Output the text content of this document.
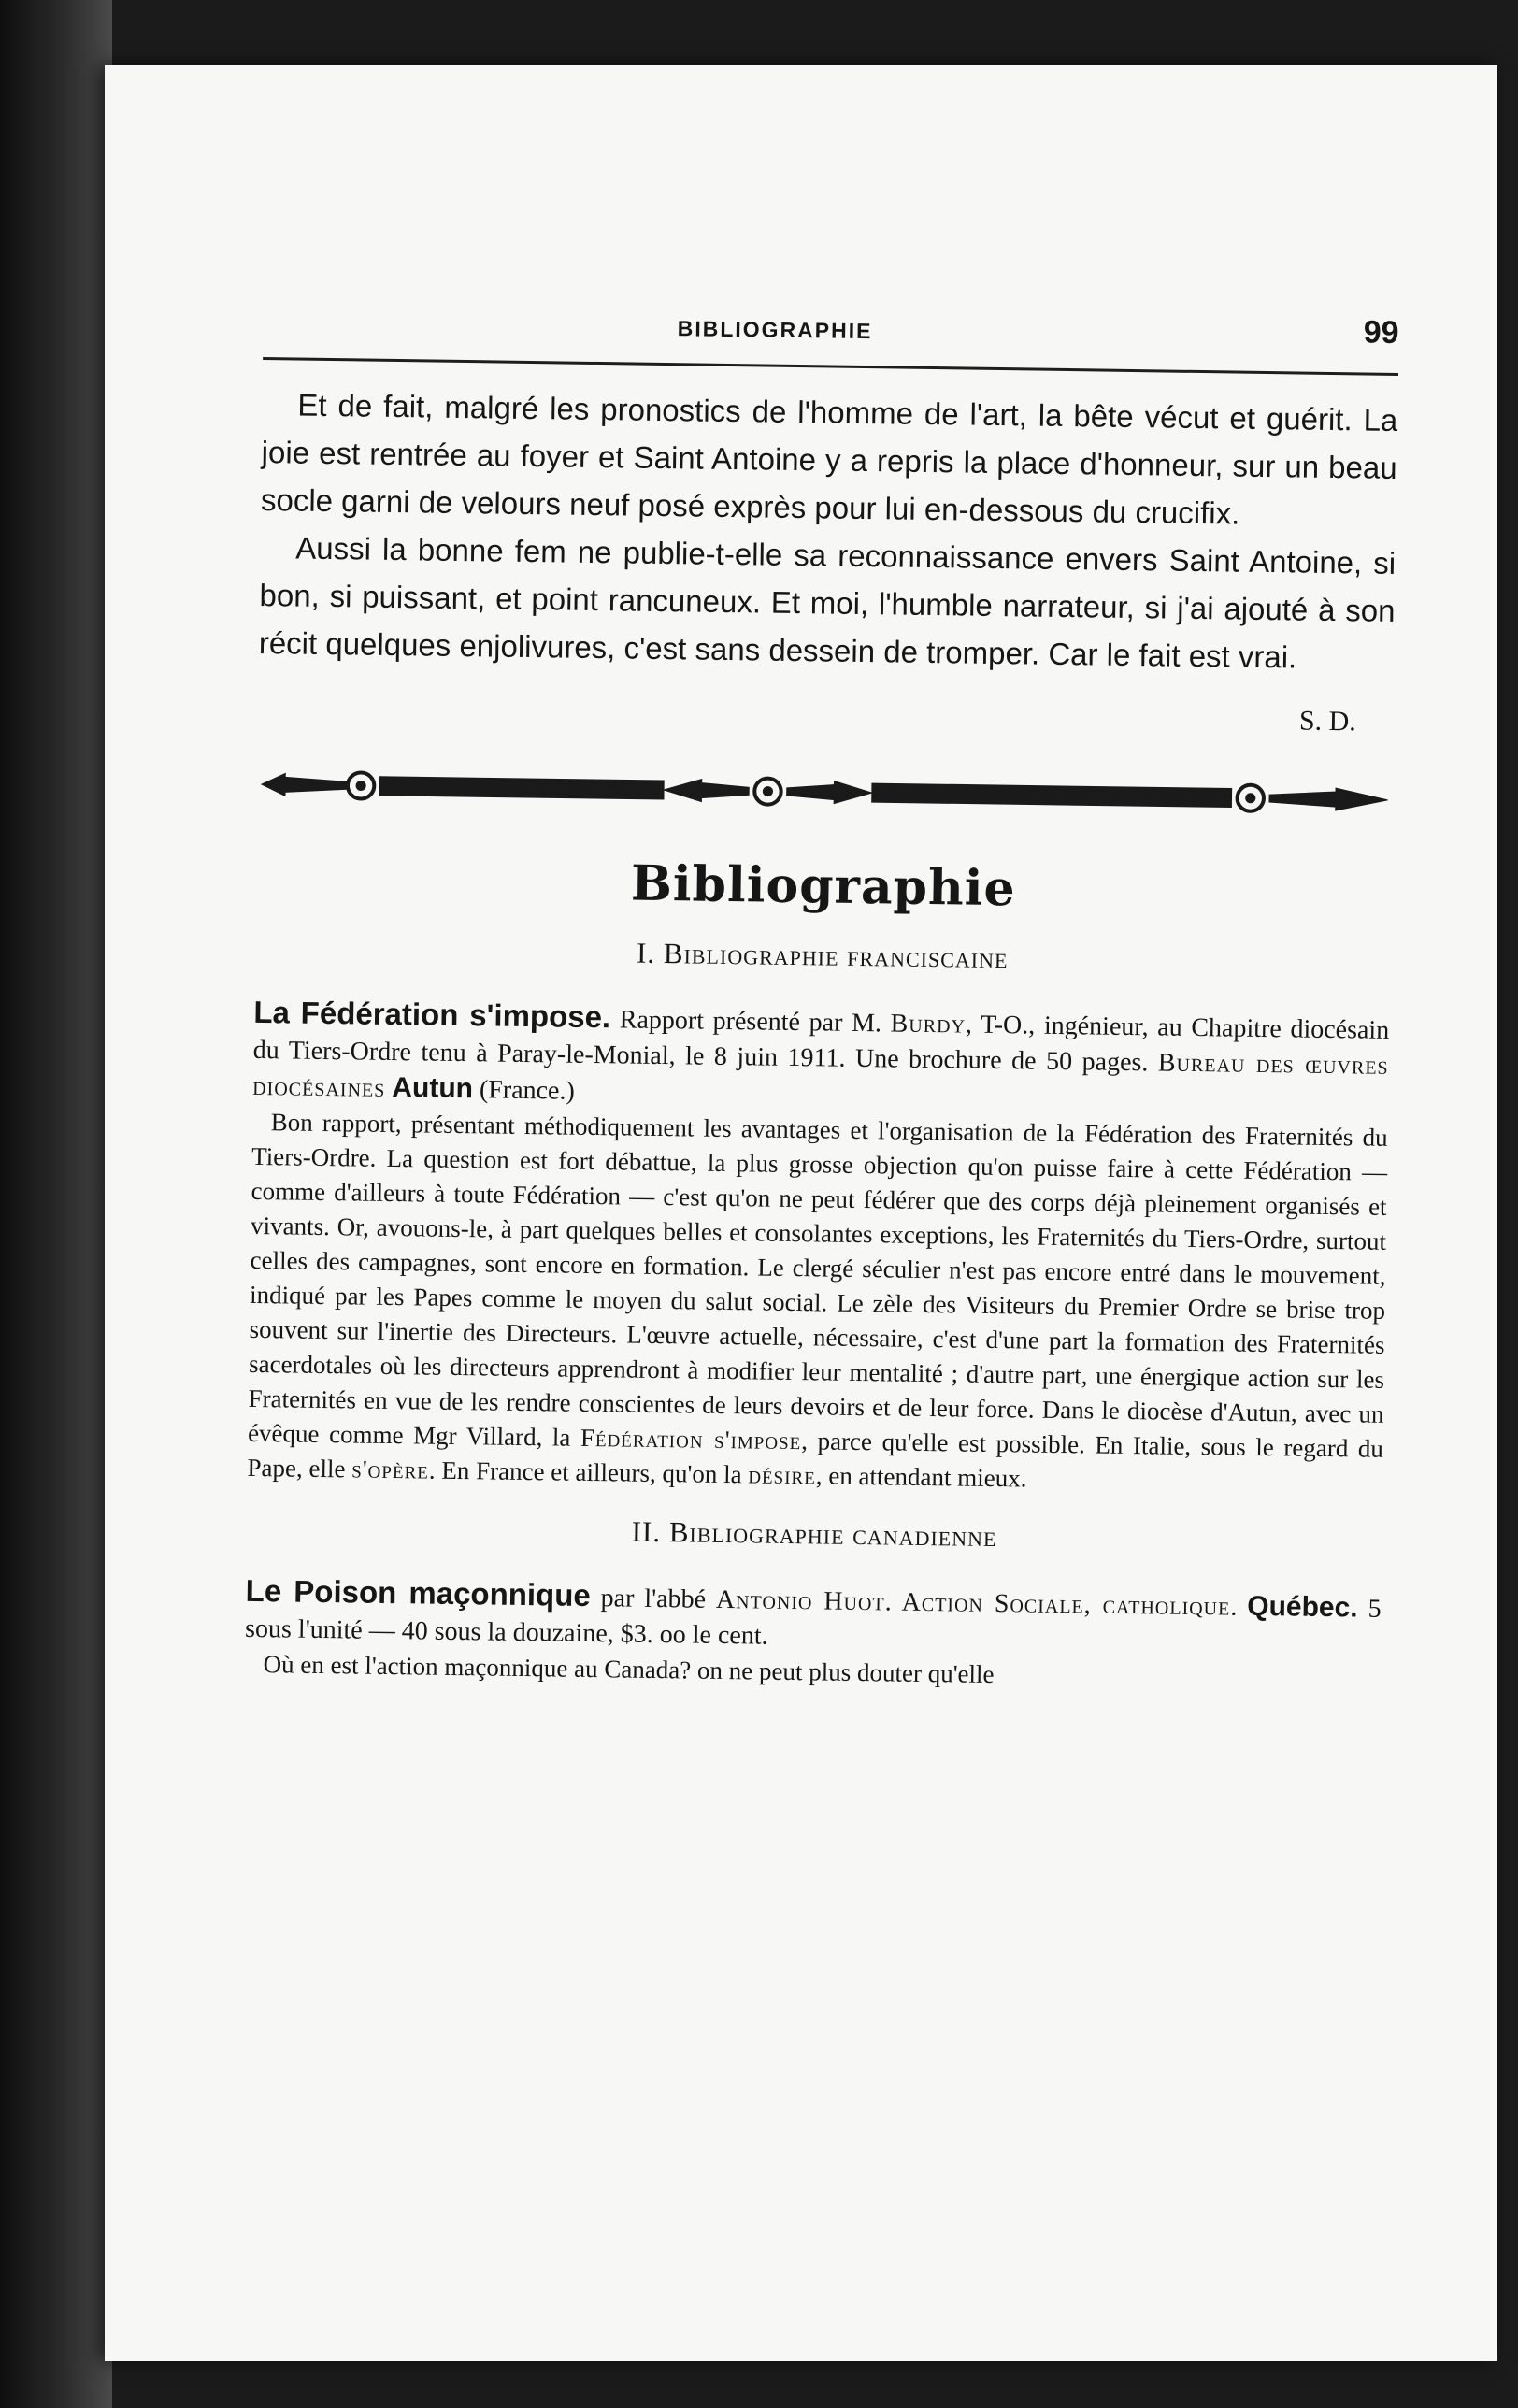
BIBLIOGRAPHIE	99

Et de fait, malgré les pronostics de l'homme de l'art, la bête vécut et guérit. La joie est rentrée au foyer et Saint Antoine y a repris la place d'honneur, sur un beau socle garni de velours neuf posé exprès pour lui en-dessous du crucifix.

Aussi la bonne fem ne publie-t-elle sa reconnaissance envers Saint Antoine, si bon, si puissant, et point rancuneux. Et moi, l'humble narrateur, si j'ai ajouté à son récit quelques enjolivures, c'est sans dessein de tromper. Car le fait est vrai.

S. D.
Bibliographie
I. Bibliographie franciscaine

La Fédération s'impose. Rapport présenté par M. Burdy, T-O., ingénieur, au Chapitre diocésain du Tiers-Ordre tenu à Paray-le-Monial, le 8 juin 1911. Une brochure de 50 pages. Bureau des œuvres diocésaines Autun (France.)

Bon rapport, présentant méthodiquement les avantages et l'organisation de la Fédération des Fraternités du Tiers-Ordre. La question est fort débattue, la plus grosse objection qu'on puisse faire à cette Fédération — comme d'ailleurs à toute Fédération — c'est qu'on ne peut fédérer que des corps déjà pleinement organisés et vivants. Or, avouons-le, à part quelques belles et consolantes exceptions, les Fraternités du Tiers-Ordre, surtout celles des campagnes, sont encore en formation. Le clergé séculier n'est pas encore entré dans le mouvement, indiqué par les Papes comme le moyen du salut social. Le zèle des Visiteurs du Premier Ordre se brise trop souvent sur l'inertie des Directeurs. L'œuvre actuelle, nécessaire, c'est d'une part la formation des Fraternités sacerdotales où les directeurs apprendront à modifier leur mentalité ; d'autre part, une énergique action sur les Fraternités en vue de les rendre conscientes de leurs devoirs et de leur force. Dans le diocèse d'Autun, avec un évêque comme Mgr Villard, la Fédération s'impose, parce qu'elle est possible. En Italie, sous le regard du Pape, elle s'opère. En France et ailleurs, qu'on la désire, en attendant mieux.

II. Bibliographie canadienne

Le Poison maçonnique par l'abbé Antonio Huot. Action Sociale, catholique. Québec. 5 sous l'unité — 40 sous la douzaine, $3. oo le cent.

Où en est l'action maçonnique au Canada? on ne peut plus douter qu'elle
